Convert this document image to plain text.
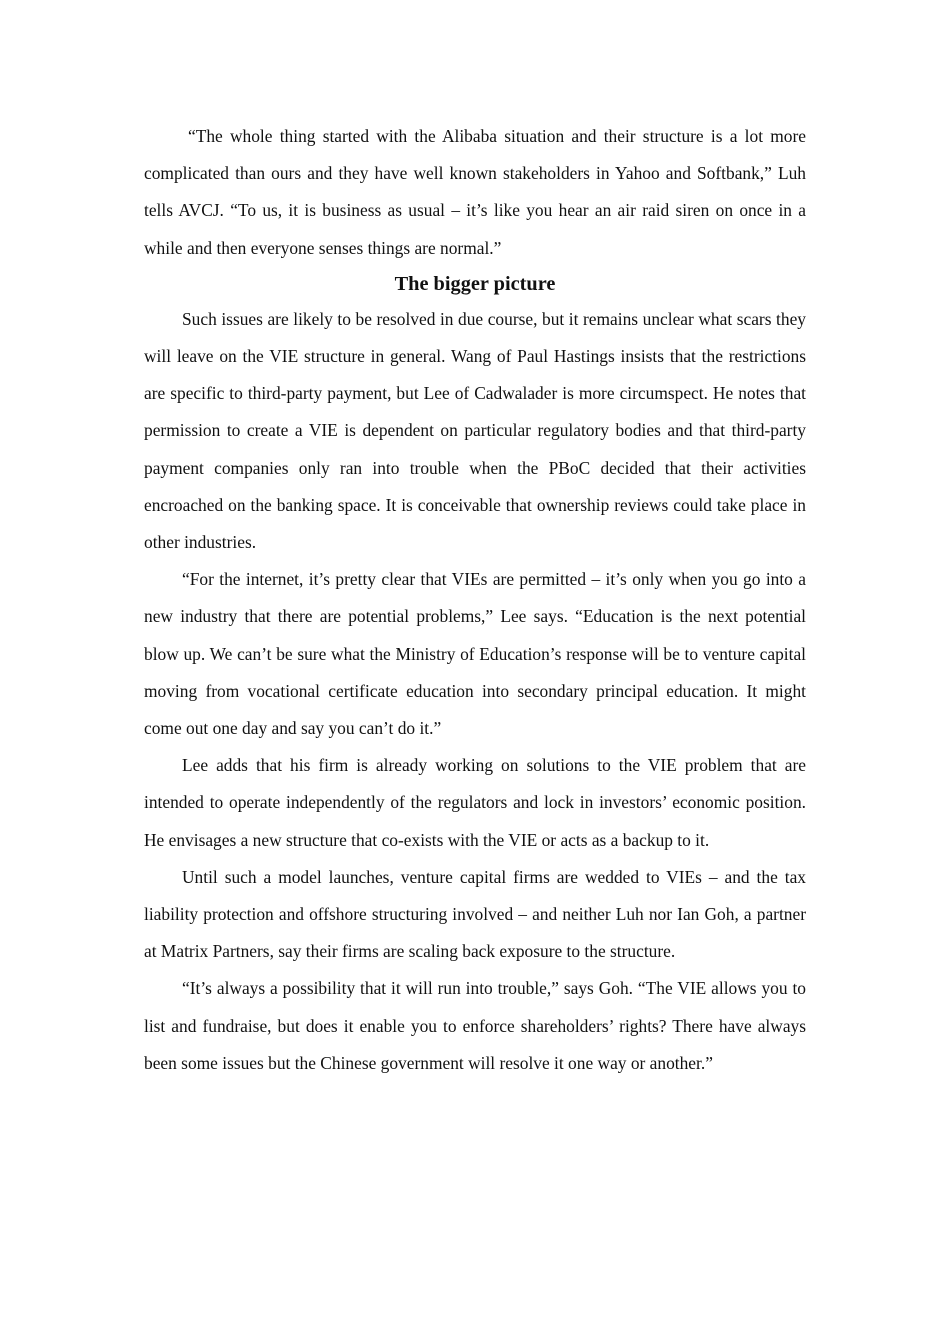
“The whole thing started with the Alibaba situation and their structure is a lot more complicated than ours and they have well known stakeholders in Yahoo and Softbank,” Luh tells AVCJ. “To us, it is business as usual – it’s like you hear an air raid siren on once in a while and then everyone senses things are normal.”

The bigger picture

Such issues are likely to be resolved in due course, but it remains unclear what scars they will leave on the VIE structure in general. Wang of Paul Hastings insists that the restrictions are specific to third-party payment, but Lee of Cadwalader is more circumspect. He notes that permission to create a VIE is dependent on particular regulatory bodies and that third-party payment companies only ran into trouble when the PBoC decided that their activities encroached on the banking space. It is conceivable that ownership reviews could take place in other industries.

“For the internet, it’s pretty clear that VIEs are permitted – it’s only when you go into a new industry that there are potential problems,” Lee says. “Education is the next potential blow up. We can’t be sure what the Ministry of Education’s response will be to venture capital moving from vocational certificate education into secondary principal education. It might come out one day and say you can’t do it.”

Lee adds that his firm is already working on solutions to the VIE problem that are intended to operate independently of the regulators and lock in investors’ economic position. He envisages a new structure that co-exists with the VIE or acts as a backup to it.

Until such a model launches, venture capital firms are wedded to VIEs – and the tax liability protection and offshore structuring involved – and neither Luh nor Ian Goh, a partner at Matrix Partners, say their firms are scaling back exposure to the structure.

“It’s always a possibility that it will run into trouble,” says Goh. “The VIE allows you to list and fundraise, but does it enable you to enforce shareholders’ rights? There have always been some issues but the Chinese government will resolve it one way or another.”
